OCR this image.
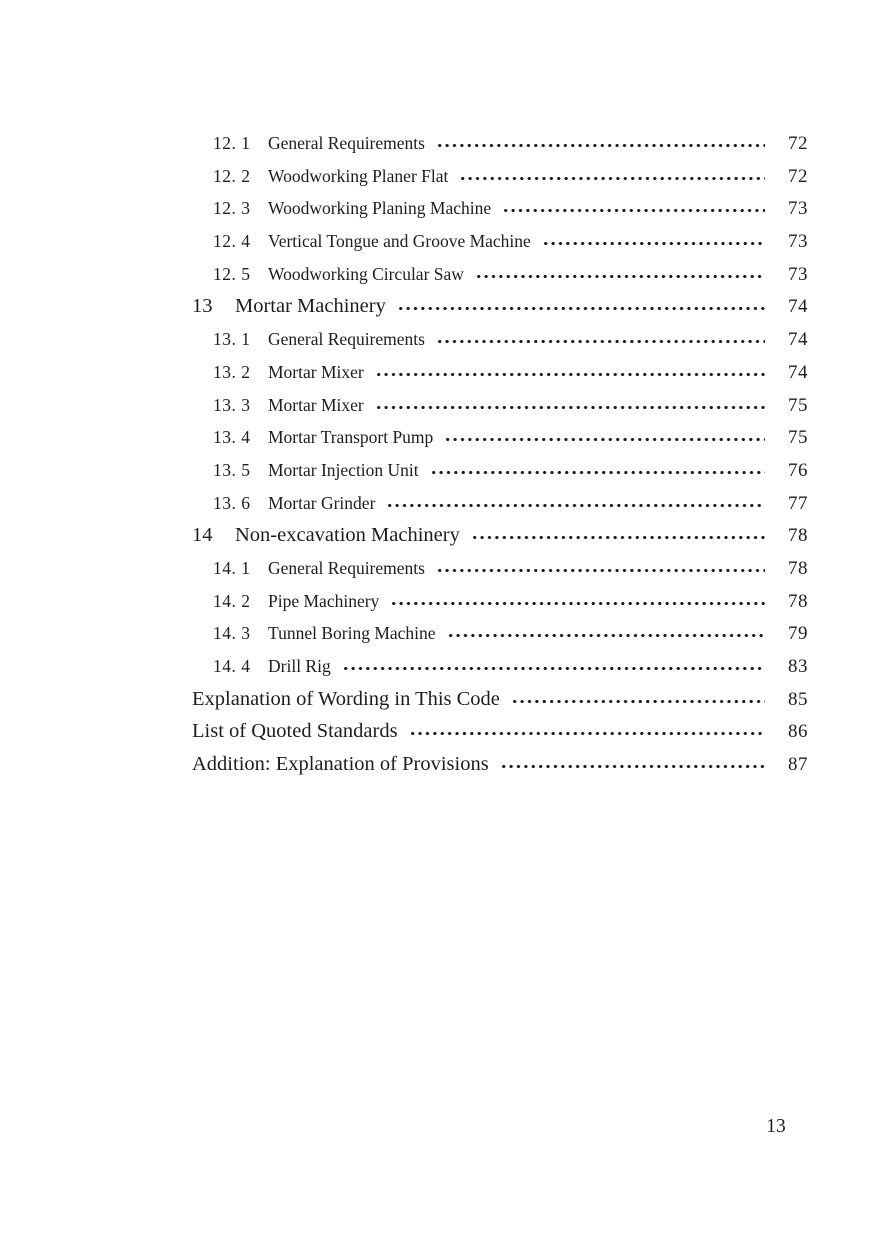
12. 1	General Requirements	72
12. 2	Woodworking Planer Flat	72
12. 3	Woodworking Planing Machine	73
12. 4	Vertical Tongue and Groove Machine	73
12. 5	Woodworking Circular Saw	73
13	Mortar Machinery	74
13. 1	General Requirements	74
13. 2	Mortar Mixer	74
13. 3	Mortar Mixer	75
13. 4	Mortar Transport Pump	75
13. 5	Mortar Injection Unit	76
13. 6	Mortar Grinder	77
14	Non-excavation Machinery	78
14. 1	General Requirements	78
14. 2	Pipe Machinery	78
14. 3	Tunnel Boring Machine	79
14. 4	Drill Rig	83
Explanation of Wording in This Code	85
List of Quoted Standards	86
Addition: Explanation of Provisions	87
13
